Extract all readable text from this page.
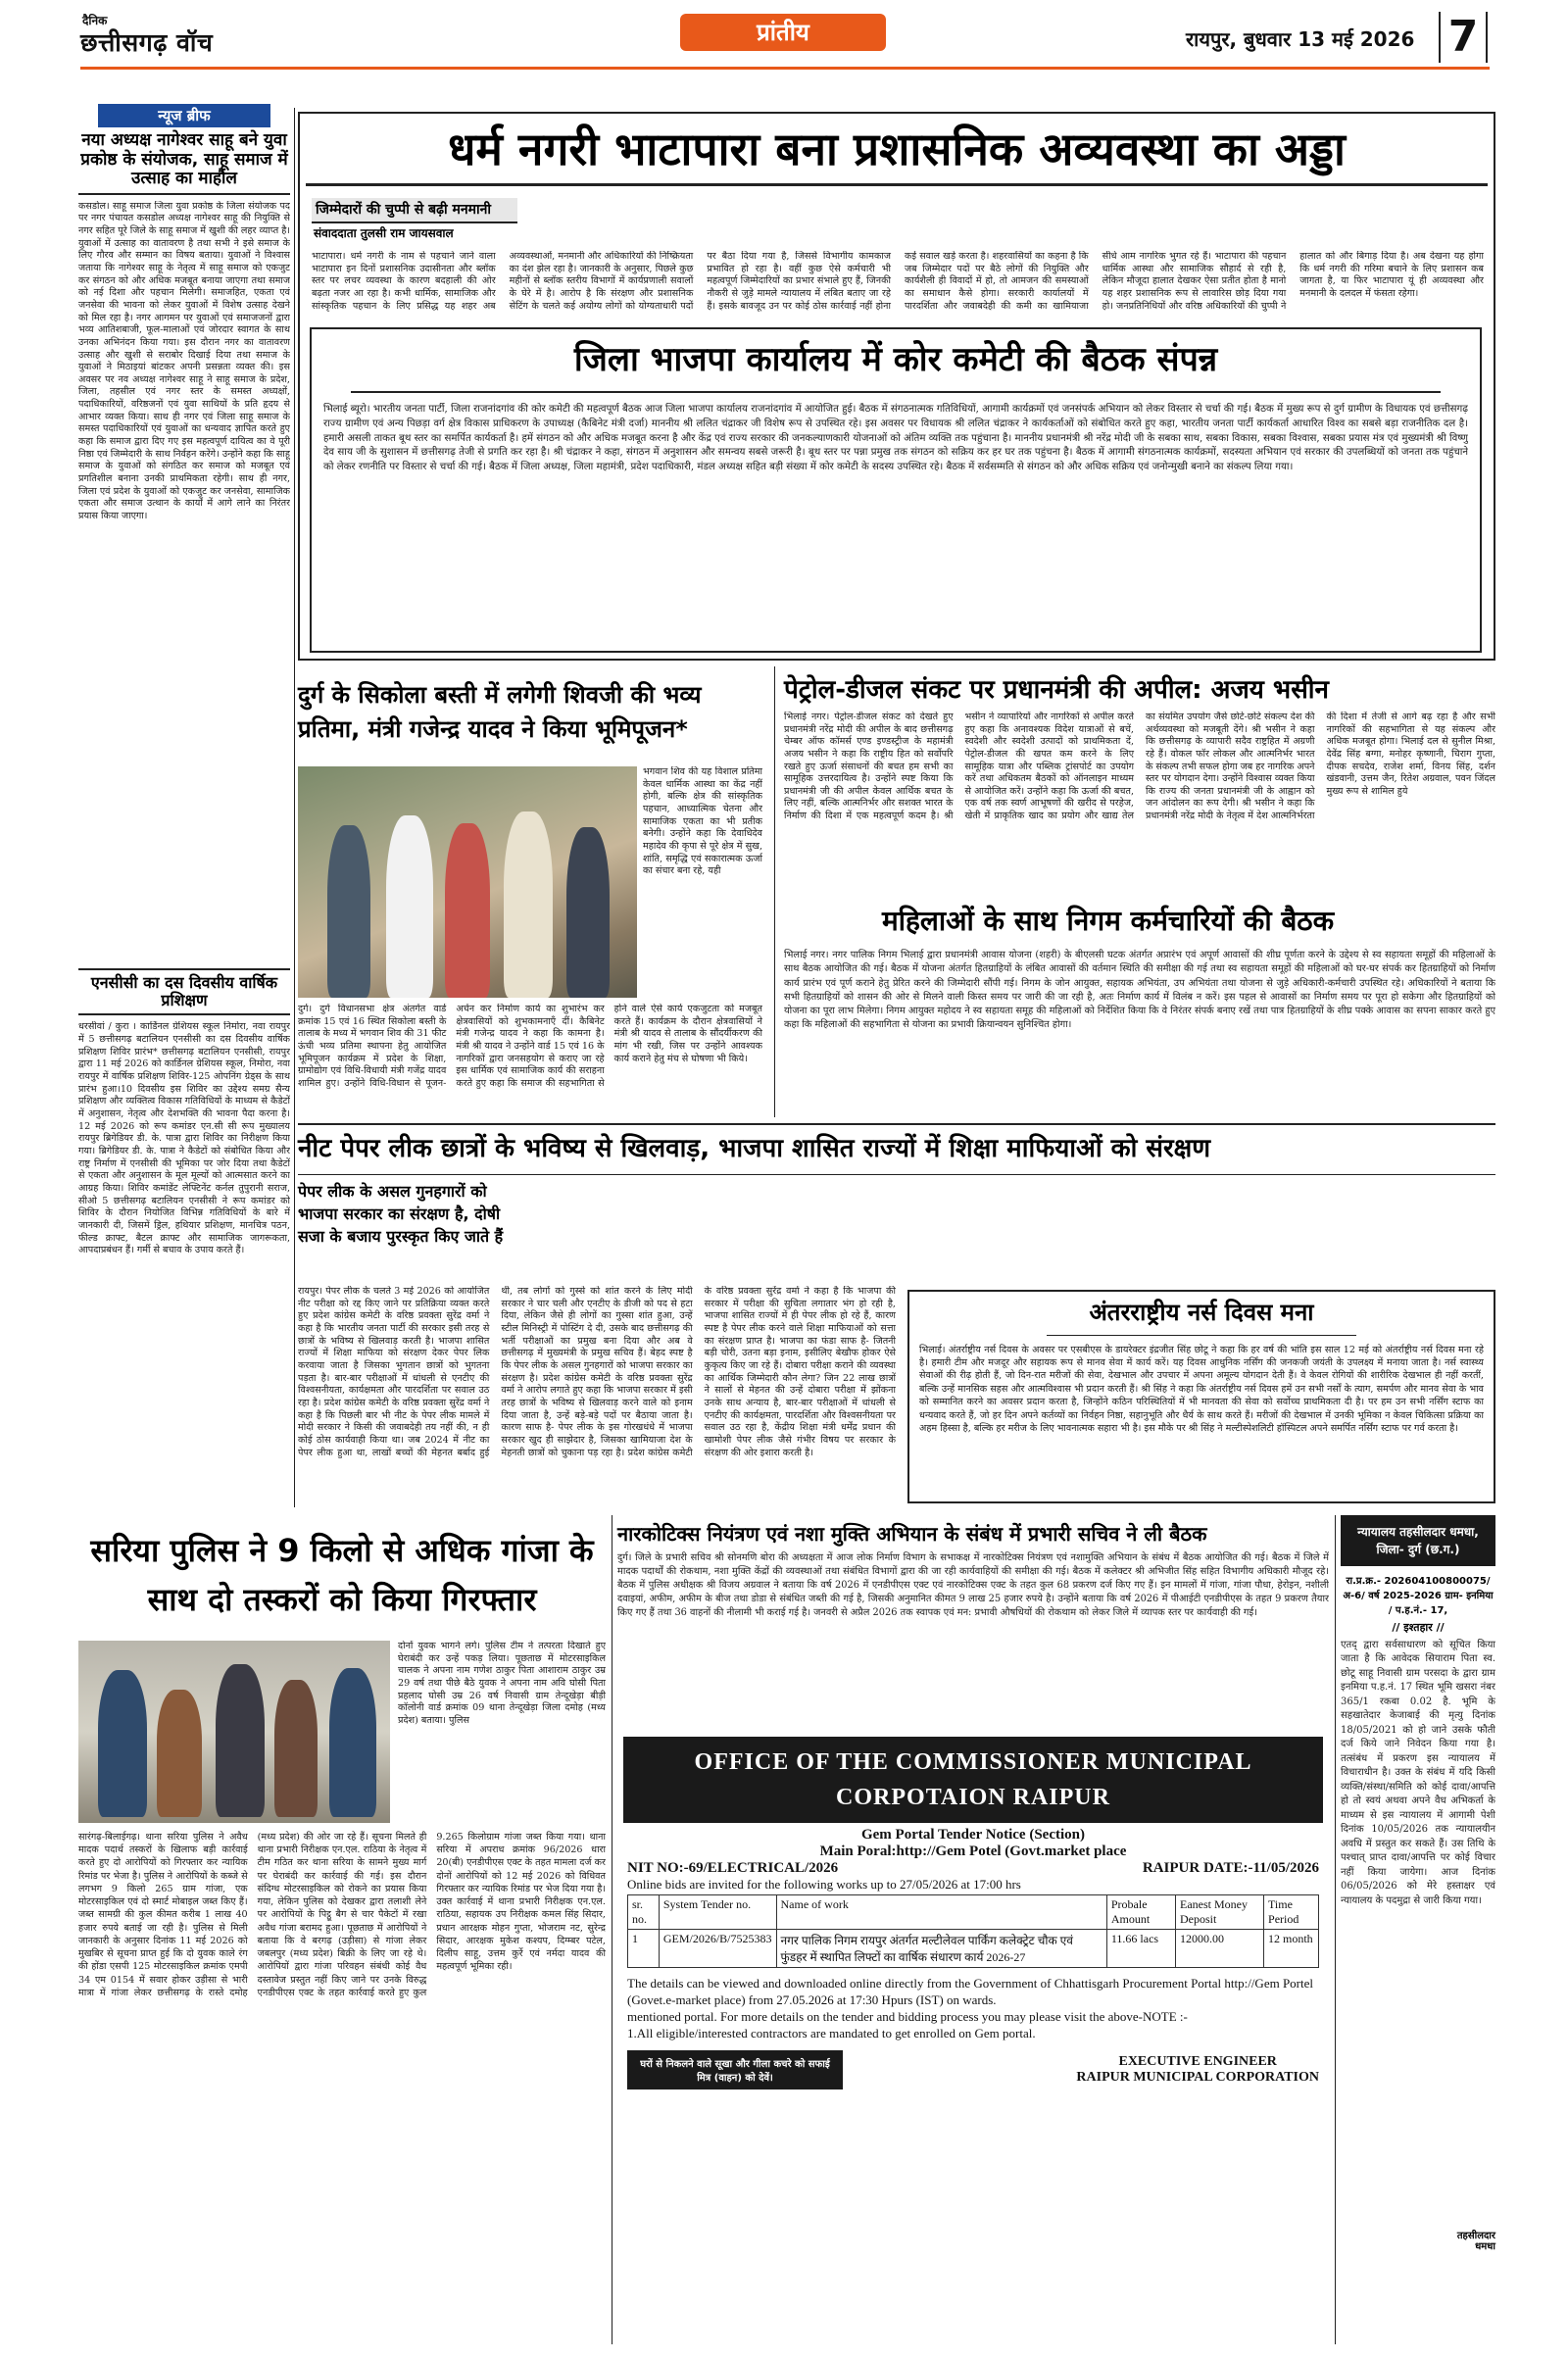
दैनिक
छत्तीसगढ़ वॉच	प्रांतीय	रायपुर, बुधवार 13 मई 2026 7
न्यूज ब्रीफ
नया अध्यक्ष नागेश्वर साहू बने युवा प्रकोष्ठ के संयोजक, साहू समाज में उत्साह का माहौल
कसडोल। साहू समाज जिला युवा प्रकोष्ठ के जिला संयोजक पद पर नगर पंचायत कसडोल अध्यक्ष नागेश्वर साहू की नियुक्ति से नगर सहित पूरे जिले के साहू समाज में खुशी की लहर व्याप्त है। युवाओं में उत्साह का वातावरण है तथा सभी ने इसे समाज के लिए गौरव और सम्मान का विषय बताया। युवाओं ने विश्वास जताया कि नागेश्वर साहू के नेतृत्व में साहू समाज को एकजुट कर संगठन को और अधिक मजबूत बनाया जाएगा तथा समाज को नई दिशा और पहचान मिलेगी। समाजहित, एकता एवं जनसेवा की भावना को लेकर युवाओं में विशेष उत्साह देखने को मिल रहा है। नगर आगमन पर युवाओं एवं समाजजनों द्वारा भव्य आतिशबाजी, फूल-मालाओं एवं जोरदार स्वागत के साथ उनका अभिनंदन किया गया। इस दौरान नगर का वातावरण उत्साह और खुशी से सराबोर दिखाई दिया तथा समाज के युवाओं ने मिठाइयां बांटकर अपनी प्रसन्नता व्यक्त की। इस अवसर पर नव अध्यक्ष नागेश्वर साहू ने साहू समाज के प्रदेश, जिला, तहसील एवं नगर स्तर के समस्त अध्यक्षों, पदाधिकारियों, वरिष्ठजनों एवं युवा साथियों के प्रति हृदय से आभार व्यक्त किया। साथ ही नगर एवं जिला साहू समाज के समस्त पदाधिकारियों एवं युवाओं का धन्यवाद ज्ञापित करते हुए कहा कि समाज द्वारा दिए गए इस महत्वपूर्ण दायित्व का वे पूरी निष्ठा एवं जिम्मेदारी के साथ निर्वहन करेंगे। उन्होंने कहा कि साहू समाज के युवाओं को संगठित कर समाज को मजबूत एवं प्रगतिशील बनाना उनकी प्राथमिकता रहेगी। साथ ही नगर, जिला एवं प्रदेश के युवाओं को एकजुट कर जनसेवा, सामाजिक एकता और समाज उत्थान के कार्यों में आगे लाने का निरंतर प्रयास किया जाएगा।
एनसीसी का दस दिवसीय वार्षिक प्रशिक्षण
धरसीवां / कुरा । कार्डिनल ग्रेशियस स्कूल निमोरा, नवा रायपुर में 5 छत्तीसगढ़ बटालियन एनसीसी का दस दिवसीय वार्षिक प्रशिक्षण शिविर प्रारंभ* छत्तीसगढ़ बटालियन एनसीसी, रायपुर द्वारा 11 मई 2026 को कार्डिनल ग्रेशियस स्कूल, निमोरा, नवा रायपुर में वार्षिक प्रशिक्षण शिविर-125 ओपनिंग ग्रेड्स के साथ प्रारंभ हुआ।10 दिवसीय इस शिविर का उद्देश्य समग्र सैन्य प्रशिक्षण और व्यक्तित्व विकास गतिविधियों के माध्यम से कैडेटों में अनुशासन, नेतृत्व और देशभक्ति की भावना पैदा करना है। 12 मई 2026 को रूप कमांडर एन.सी सी रूप मुख्यालय रायपुर ब्रिगेडियर डी. के. पात्रा द्वारा शिविर का निरीक्षण किया गया। ब्रिगेडियर डी. के. पात्रा ने कैडेटों को संबोधित किया और राष्ट्र निर्माण में एनसीसी की भूमिका पर जोर दिया तथा कैडेटों से एकता और अनुशासन के मूल मूल्यों को आत्मसात करने का आग्रह किया। शिविर कमांडेंट लेफ्टिनेंट कर्नल तुपुरानी सराज, सीओ 5 छत्तीसगढ़ बटालियन एनसीसी ने रूप कमांडर को शिविर के दौरान नियोजित विभिन्न गतिविधियों के बारे में जानकारी दी, जिसमें ड्रिल, हथियार प्रशिक्षण, मानचित्र पठन, फील्ड क्राफ्ट, बैटल क्राफ्ट और सामाजिक जागरूकता, आपदाप्रबंधन हैं। गर्मी से बचाव के उपाय करते हैं।
धर्म नगरी भाटापारा बना प्रशासनिक अव्यवस्था का अड्डा
जिम्मेदारों की चुप्पी से बढ़ी मनमानी
संवाददाता तुलसी राम जायसवाल
भाटापारा। धर्म नगरी के नाम से पहचाने जाने वाला भाटापारा इन दिनों प्रशासनिक उदासीनता और ब्लॉक स्तर पर लचर व्यवस्था के कारण बदहाली की ओर बढ़ता नजर आ रहा है। कभी धार्मिक, सामाजिक और सांस्कृतिक पहचान के लिए प्रसिद्ध यह शहर अब अव्यवस्थाओं, मनमानी और अधिकारियों की निष्क्रियता का दंश झेल रहा है। जानकारी के अनुसार, पिछले कुछ महीनों से ब्लॉक स्तरीय विभागों में कार्यप्रणाली सवालों के घेरे में है। आरोप है कि संरक्षण और प्रशासनिक सेटिंग के चलते कई अयोग्य लोगों को योग्यताधारी पदों पर बैठा दिया गया है, जिससे विभागीय कामकाज प्रभावित हो रहा है। वहीं कुछ ऐसे कर्मचारी भी महत्वपूर्ण जिम्मेदारियों का प्रभार संभाले हुए हैं, जिनकी नौकरी से जुड़े मामले न्यायालय में लंबित बताए जा रहे हैं। इसके बावजूद उन पर कोई ठोस कार्रवाई नहीं होना कई सवाल खड़े करता है। शहरवासियों का कहना है कि जब जिम्मेदार पदों पर बैठे लोगों की नियुक्ति और कार्यशैली ही विवादों में हो, तो आमजन की समस्याओं का समाधान कैसे होगा। सरकारी कार्यालयों में पारदर्शिता और जवाबदेही की कमी का खामियाजा सीधे आम नागरिक भुगत रहे हैं। भाटापारा की पहचान धार्मिक आस्था और सामाजिक सौहार्द से रही है, लेकिन मौजूदा हालात देखकर ऐसा प्रतीत होता है मानो यह शहर प्रशासनिक रूप से लावारिस छोड़ दिया गया हो। जनप्रतिनिधियों और वरिष्ठ अधिकारियों की चुप्पी ने हालात को और बिगाड़ दिया है। अब देखना यह होगा कि धर्म नगरी की गरिमा बचाने के लिए प्रशासन कब जागता है, या फिर भाटापारा यूं ही अव्यवस्था और मनमानी के दलदल में फंसता रहेगा।
जिला भाजपा कार्यालय में कोर कमेटी की बैठक संपन्न
भिलाई ब्यूरो। भारतीय जनता पार्टी, जिला राजनांदगांव की कोर कमेटी की महत्वपूर्ण बैठक आज जिला भाजपा कार्यालय राजनांदगांव में आयोजित हुई। बैठक में संगठनात्मक गतिविधियों, आगामी कार्यक्रमों एवं जनसंपर्क अभियान को लेकर विस्तार से चर्चा की गई। बैठक में मुख्य रूप से दुर्ग ग्रामीण के विधायक एवं छत्तीसगढ़ राज्य ग्रामीण एवं अन्य पिछड़ा वर्ग क्षेत्र विकास प्राधिकरण के उपाध्यक्ष (कैबिनेट मंत्री दर्जा) माननीय श्री ललित चंद्राकर जी विशेष रूप से उपस्थित रहे। इस अवसर पर विधायक श्री ललित चंद्राकर ने कार्यकर्ताओं को संबोधित करते हुए कहा, भारतीय जनता पार्टी कार्यकर्ता आधारित विश्व का सबसे बड़ा राजनीतिक दल है। हमारी असली ताकत बूथ स्तर का समर्पित कार्यकर्ता है। हमें संगठन को और अधिक मजबूत करना है और केंद्र एवं राज्य सरकार की जनकल्याणकारी योजनाओं को अंतिम व्यक्ति तक पहुंचाना है। माननीय प्रधानमंत्री श्री नरेंद्र मोदी जी के सबका साथ, सबका विकास, सबका विश्वास, सबका प्रयास मंत्र एवं मुख्यमंत्री श्री विष्णु देव साय जी के सुशासन में छत्तीसगढ़ तेजी से प्रगति कर रहा है। श्री चंद्राकर ने कहा, संगठन में अनुशासन और समन्वय सबसे जरूरी है। बूथ स्तर पर पन्ना प्रमुख तक संगठन को सक्रिय कर हर घर तक पहुंचना है। बैठक में आगामी संगठनात्मक कार्यक्रमों, सदस्यता अभियान एवं सरकार की उपलब्धियों को जनता तक पहुंचाने को लेकर रणनीति पर विस्तार से चर्चा की गई। बैठक में जिला अध्यक्ष, जिला महामंत्री, प्रदेश पदाधिकारी, मंडल अध्यक्ष सहित बड़ी संख्या में कोर कमेटी के सदस्य उपस्थित रहे। बैठक में सर्वसम्मति से संगठन को और अधिक सक्रिय एवं जनोन्मुखी बनाने का संकल्प लिया गया।
दुर्ग के सिकोला बस्ती में लगेगी शिवजी की भव्य प्रतिमा, मंत्री गजेन्द्र यादव ने किया भूमिपूजन*
भगवान शिव की यह विशाल प्रतिमा केवल धार्मिक आस्था का केंद्र नहीं होगी, बल्कि क्षेत्र की सांस्कृतिक पहचान, आध्यात्मिक चेतना और सामाजिक एकता का भी प्रतीक बनेगी। उन्होंने कहा कि देवाधिदेव महादेव की कृपा से पूरे क्षेत्र में सुख, शांति, समृद्धि एवं सकारात्मक ऊर्जा का संचार बना रहे, यही
दुर्ग। दुर्ग विधानसभा क्षेत्र अंतर्गत वार्ड क्रमांक 15 एवं 16 स्थित सिकोला बस्ती के तालाब के मध्य में भगवान शिव की 31 फीट ऊंची भव्य प्रतिमा स्थापना हेतु आयोजित भूमिपूजन कार्यक्रम में प्रदेश के शिक्षा, ग्रामोद्योग एवं विधि-विधायी मंत्री गजेंद्र यादव शामिल हुए। उन्होंने विधि-विधान से पूजन-अर्चन कर निर्माण कार्य का शुभारंभ कर क्षेत्रवासियों को शुभकामनाएँ दीं। कैबिनेट मंत्री गजेन्द्र यादव ने कहा कि कामना है। मंत्री श्री यादव ने उन्होंने वार्ड 15 एवं 16 के नागरिकों द्वारा जनसहयोग से कराए जा रहे इस धार्मिक एवं सामाजिक कार्य की सराहना करते हुए कहा कि समाज की सहभागिता से होने वाले ऐसे कार्य एकजुटता को मजबूत करते हैं। कार्यक्रम के दौरान क्षेत्रवासियों ने मंत्री श्री यादव से तालाब के सौंदर्यीकरण की मांग भी रखी, जिस पर उन्होंने आवश्यक कार्य कराने हेतु मंच से घोषणा भी किये।
पेट्रोल-डीजल संकट पर प्रधानमंत्री की अपील: अजय भसीन
भिलाई नगर। पेट्रोल-डीजल संकट को देखते हुए प्रधानमंत्री नरेंद्र मोदी की अपील के बाद छत्तीसगढ़ चेम्बर ऑफ कॉमर्स एण्ड इण्डस्ट्रीज के महामंत्री अजय भसीन ने कहा कि राष्ट्रीय हित को सर्वोपरि रखते हुए ऊर्जा संसाधनों की बचत हम सभी का सामूहिक उत्तरदायित्व है। उन्होंने स्पष्ट किया कि प्रधानमंत्री जी की अपील केवल आर्थिक बचत के लिए नहीं, बल्कि आत्मनिर्भर और सशक्त भारत के निर्माण की दिशा में एक महत्वपूर्ण कदम है। श्री भसीन ने व्यापारियों और नागरिकों से अपील करते हुए कहा कि अनावश्यक विदेश यात्राओं से बचें, स्वदेशी और स्वदेशी उत्पादों को प्राथमिकता दें, पेट्रोल-डीजल की खपत कम करने के लिए सामूहिक यात्रा और पब्लिक ट्रांसपोर्ट का उपयोग करें तथा अधिकतम बैठकों को ऑनलाइन माध्यम से आयोजित करें। उन्होंने कहा कि ऊर्जा की बचत, एक वर्ष तक स्वर्ण आभूषणों की खरीद से परहेज, खेती में प्राकृतिक खाद का प्रयोग और खाद्य तेल का संयमित उपयोग जैसे छोटे-छोटे संकल्प देश की अर्थव्यवस्था को मजबूती देंगे। श्री भसीन ने कहा कि छत्तीसगढ़ के व्यापारी सदैव राष्ट्रहित में अग्रणी रहे हैं। वोकल फॉर लोकल और आत्मनिर्भर भारत के संकल्प तभी सफल होगा जब हर नागरिक अपने स्तर पर योगदान देगा। उन्होंने विश्वास व्यक्त किया कि राज्य की जनता प्रधानमंत्री जी के आह्वान को जन आंदोलन का रूप देगी। श्री भसीन ने कहा कि प्रधानमंत्री नरेंद्र मोदी के नेतृत्व में देश आत्मनिर्भरता की दिशा में तेजी से आगे बढ़ रहा है और सभी नागरिकों की सहभागिता से यह संकल्प और अधिक मजबूत होगा। भिलाई दल से सुनील मिश्रा, देवेंद्र सिंह बग्गा, मनोहर कृष्णानी, चिराग गुप्ता, दीपक सचदेव, राजेश शर्मा, विनय सिंह, दर्शन खंडवानी, उत्तम जैन, रितेश अग्रवाल, पवन जिंदल मुख्य रूप से शामिल हुये
महिलाओं के साथ निगम कर्मचारियों की बैठक
भिलाई नगर। नगर पालिक निगम भिलाई द्वारा प्रधानमंत्री आवास योजना (शहरी) के बीएलसी घटक अंतर्गत अप्रारंभ एवं अपूर्ण आवासों की शीघ्र पूर्णता करने के उद्देश्य से स्व सहायता समूहों की महिलाओं के साथ बैठक आयोजित की गई। बैठक में योजना अंतर्गत हितग्राहियों के लंबित आवासों की वर्तमान स्थिति की समीक्षा की गई तथा स्व सहायता समूहों की महिलाओं को घर-घर संपर्क कर हितग्राहियों को निर्माण कार्य प्रारंभ एवं पूर्ण कराने हेतु प्रेरित करने की जिम्मेदारी सौंपी गई। निगम के जोन आयुक्त, सहायक अभियंता, उप अभियंता तथा योजना से जुड़े अधिकारी-कर्मचारी उपस्थित रहे। अधिकारियों ने बताया कि सभी हितग्राहियों को शासन की ओर से मिलने वाली किस्त समय पर जारी की जा रही है, अतः निर्माण कार्य में विलंब न करें। इस पहल से आवासों का निर्माण समय पर पूरा हो सकेगा और हितग्राहियों को योजना का पूरा लाभ मिलेगा। निगम आयुक्त महोदय ने स्व सहायता समूह की महिलाओं को निर्देशित किया कि वे निरंतर संपर्क बनाए रखें तथा पात्र हितग्राहियों के शीघ्र पक्के आवास का सपना साकार करते हुए कहा कि महिलाओं की सहभागिता से योजना का प्रभावी क्रियान्वयन सुनिश्चित होगा।
नीट पेपर लीक छात्रों के भविष्य से खिलवाड़, भाजपा शासित राज्यों में शिक्षा माफियाओं को संरक्षण
पेपर लीक के असल गुनहगारों को भाजपा सरकार का संरक्षण है, दोषी सजा के बजाय पुरस्कृत किए जाते हैं
रायपुर। पेपर लीक के चलते 3 मई 2026 को आयोजित नीट परीक्षा को रद्द किए जाने पर प्रतिक्रिया व्यक्त करते हुए प्रदेश कांग्रेस कमेटी के वरिष्ठ प्रवक्ता सुरेंद्र वर्मा ने कहा है कि भारतीय जनता पार्टी की सरकार इसी तरह से छात्रों के भविष्य से खिलवाड़ करती है। भाजपा शासित राज्यों में शिक्षा माफिया को संरक्षण देकर पेपर लिक करवाया जाता है जिसका भुगतान छात्रों को भुगतना पड़ता है। बार-बार परीक्षाओं में धांधली से एनटीए की विश्वसनीयता, कार्यक्षमता और पारदर्शिता पर सवाल उठ रहा है। प्रदेश कांग्रेस कमेटी के वरिष्ठ प्रवक्ता सुरेंद्र वर्मा ने कहा है कि पिछली बार भी नीट के पेपर लीक मामले में मोदी सरकार ने किसी की जवाबदेही तय नहीं की, न ही कोई ठोस कार्यवाही किया था। जब 2024 में नीट का पेपर लीक हुआ था, लाखों बच्चों की मेहनत बर्बाद हुई थी, तब लोगों को गुस्से को शांत करने के लिए मोदी सरकार ने चार चली और एनटीए के डीजी को पद से हटा दिया, लेकिन जैसे ही लोगों का गुस्सा शांत हुआ, उन्हें स्टील मिनिस्ट्री में पोस्टिंग दे दी, उसके बाद छत्तीसगढ़ की भर्ती परीक्षाओं का प्रमुख बना दिया और अब वे छत्तीसगढ़ में मुख्यमंत्री के प्रमुख सचिव हैं। बेहद स्पष्ट है कि पेपर लीक के असल गुनहगारों को भाजपा सरकार का संरक्षण है। प्रदेश कांग्रेस कमेटी के वरिष्ठ प्रवक्ता सुरेंद्र वर्मा ने आरोप लगाते हुए कहा कि भाजपा सरकार में इसी तरह छात्रों के भविष्य से खिलवाड़ करने वाले को इनाम दिया जाता है, उन्हें बड़े-बड़े पदों पर बैठाया जाता है। कारण साफ है- पेपर लीक के इस गोरखधंधे में भाजपा सरकार खुद ही साझेदार है, जिसका खामियाजा देश के मेहनती छात्रों को चुकाना पड़ रहा है। प्रदेश कांग्रेस कमेटी के वरिष्ठ प्रवक्ता सुरेंद्र वर्मा ने कहा है कि भाजपा की सरकार में परीक्षा की सुचिता लगातार भंग हो रही है, भाजपा शासित राज्यों में ही पेपर लीक हो रहे हैं, कारण स्पष्ट है पेपर लीक करने वाले शिक्षा माफियाओं को सत्ता का संरक्षण प्राप्त है। भाजपा का फंडा साफ है- जितनी बड़ी चोरी, उतना बड़ा इनाम, इसीलिए बेखौफ होकर ऐसे कुकृत्य किए जा रहे हैं। दोबारा परीक्षा कराने की व्यवस्था का आर्थिक जिम्मेदारी कौन लेगा? जिन 22 लाख छात्रों ने सालों से मेहनत की उन्हें दोबारा परीक्षा में झोंकना उनके साथ अन्याय है, बार-बार परीक्षाओं में धांधली से एनटीए की कार्यक्षमता, पारदर्शिता और विश्वसनीयता पर सवाल उठ रहा है, केंद्रीय शिक्षा मंत्री धर्मेंद्र प्रधान की खामोशी पेपर लीक जैसे गंभीर विषय पर सरकार के संरक्षण की ओर इशारा करती है।
अंतरराष्ट्रीय नर्स दिवस मना
भिलाई। अंतर्राष्ट्रीय नर्स दिवस के अवसर पर एसबीएस के डायरेक्टर इंद्रजीत सिंह छोटू ने कहा कि हर वर्ष की भांति इस साल 12 मई को अंतर्राष्ट्रीय नर्स दिवस मना रहे है। हमारी टीम और मजदूर और सहायक रूप से मानव सेवा में कार्य करें। यह दिवस आधुनिक नर्सिंग की जनकजी जयंती के उपलक्ष्य में मनाया जाता है। नर्स स्वास्थ्य सेवाओं की रीढ़ होती हैं, जो दिन-रात मरीजों की सेवा, देखभाल और उपचार में अपना अमूल्य योगदान देती हैं। वे केवल रोगियों की शारीरिक देखभाल ही नहीं करतीं, बल्कि उन्हें मानसिक सहस और आत्मविश्वास भी प्रदान करती हैं। श्री सिंह ने कहा कि अंतर्राष्ट्रीय नर्स दिवस हमें उन सभी नर्सों के त्याग, समर्पण और मानव सेवा के भाव को सम्मानित करने का अवसर प्रदान करता है, जिन्होंने कठिन परिस्थितियों में भी मानवता की सेवा को सर्वोच्च प्राथमिकता दी है। पर हम उन सभी नर्सिंग स्टाफ का धन्यवाद करते हैं, जो हर दिन अपने कर्तव्यों का निर्वहन निष्ठा, सहानुभूति और धैर्य के साथ करते हैं। मरीजों की देखभाल में उनकी भूमिका न केवल चिकित्सा प्रक्रिया का अहम हिस्सा है, बल्कि हर मरीज के लिए भावनात्मक सहारा भी है। इस मौके पर श्री सिंह ने मल्टीस्पेशलिटी हॉस्पिटल अपने समर्पित नर्सिंग स्टाफ पर गर्व करता है।
सरिया पुलिस ने 9 किलो से अधिक गांजा के साथ दो तस्करों को किया गिरफ्तार
दोनों युवक भागने लगे। पुलिस टीम ने तत्परता दिखाते हुए घेराबंदी कर उन्हें पकड़ लिया। पूछताछ में मोटरसाइकिल चालक ने अपना नाम गणेश ठाकुर पिता आशाराम ठाकुर उम्र 29 वर्ष तथा पीछे बैठे युवक ने अपना नाम अवि घोसी पिता प्रहलाद घोसी उम्र 26 वर्ष निवासी ग्राम तेन्दूखेड़ा बीड़ी कॉलोनी वार्ड क्रमांक 09 थाना तेन्दूखेड़ा जिला दमोह (मध्य प्रदेश) बताया। पुलिस
सारंगढ़-बिलाईगढ़। थाना सरिया पुलिस ने अवैध मादक पदार्थ तस्करों के खिलाफ बड़ी कार्रवाई करते हुए दो आरोपियों को गिरफ्तार कर न्यायिक रिमांड पर भेजा है। पुलिस ने आरोपियों के कब्जे से लगभग 9 किलो 265 ग्राम गांजा, एक मोटरसाइकिल एवं दो स्मार्ट मोबाइल जब्त किए हैं। जब्त सामग्री की कुल कीमत करीब 1 लाख 40 हजार रुपये बताई जा रही है। पुलिस से मिली जानकारी के अनुसार दिनांक 11 मई 2026 को मुखबिर से सूचना प्राप्त हुई कि दो युवक काले रंग की होंडा एसपी 125 मोटरसाइकिल क्रमांक एमपी 34 एम 0154 में सवार होकर उड़ीसा से भारी मात्रा में गांजा लेकर छत्तीसगढ़ के रास्ते दमोह (मध्य प्रदेश) की ओर जा रहे हैं। सूचना मिलते ही थाना प्रभारी निरीक्षक एन.एल. राठिया के नेतृत्व में टीम गठित कर थाना सरिया के सामने मुख्य मार्ग पर घेराबंदी कर कार्रवाई की गई। इस दौरान संदिग्ध मोटरसाइकिल को रोकने का प्रयास किया गया, लेकिन पुलिस को देखकर द्वारा तलाशी लेने पर आरोपियों के पिट्ठू बैग से चार पैकेटों में रखा अवैध गांजा बरामद हुआ। पूछताछ में आरोपियों ने बताया कि वे बरगढ़ (उड़ीसा) से गांजा लेकर जबलपुर (मध्य प्रदेश) बिक्री के लिए जा रहे थे। आरोपियों द्वारा गांजा परिवहन संबंधी कोई वैध दस्तावेज प्रस्तुत नहीं किए जाने पर उनके विरुद्ध एनडीपीएस एक्ट के तहत कार्रवाई करते हुए कुल 9.265 किलोग्राम गांजा जब्त किया गया। थाना सरिया में अपराध क्रमांक 96/2026 धारा 20(बी) एनडीपीएस एक्ट के तहत मामला दर्ज कर दोनों आरोपियों को 12 मई 2026 को विधिवत गिरफ्तार कर न्यायिक रिमांड पर भेज दिया गया है। उक्त कार्रवाई में थाना प्रभारी निरीक्षक एन.एल. राठिया, सहायक उप निरीक्षक कमल सिंह सिदार, प्रधान आरक्षक मोहन गुप्ता, भोजराम नट, सुरेन्द्र सिदार, आरक्षक मुकेश कश्यप, दिग्म्बर पटेल, दिलीप साहू, उत्तम कुर्रे एवं नर्मदा यादव की महत्वपूर्ण भूमिका रही।
नारकोटिक्स नियंत्रण एवं नशा मुक्ति अभियान के संबंध में प्रभारी सचिव ने ली बैठक
दुर्ग। जिले के प्रभारी सचिव श्री सोनमणि बोरा की अध्यक्षता में आज लोक निर्माण विभाग के सभाकक्ष में नारकोटिक्स नियंत्रण एवं नशामुक्ति अभियान के संबंध में बैठक आयोजित की गई। बैठक में जिले में मादक पदार्थों की रोकथाम, नशा मुक्ति केंद्रों की व्यवस्थाओं तथा संबंधित विभागों द्वारा की जा रही कार्यवाहियों की समीक्षा की गई। बैठक में कलेक्टर श्री अभिजीत सिंह सहित विभागीय अधिकारी मौजूद रहे। बैठक में पुलिस अधीक्षक श्री विजय अग्रवाल ने बताया कि वर्ष 2026 में एनडीपीएस एक्ट एवं नारकोटिक्स एक्ट के तहत कुल 68 प्रकरण दर्ज किए गए हैं। इन मामलों में गांजा, गांजा पौधा, हेरोइन, नशीली दवाइयां, अफीम, अफीम के बीज तथा डोडा से संबंधित जब्ती की गई है, जिसकी अनुमानित कीमत 9 लाख 25 हजार रुपये है। उन्होंने बताया कि वर्ष 2026 में पीआईटी एनडीपीएस के तहत 9 प्रकरण तैयार किए गए हैं तथा 36 वाहनों की नीलामी भी कराई गई है। जनवरी से अप्रैल 2026 तक स्वापक एवं मन: प्रभावी औषधियों की रोकथाम को लेकर जिले में व्यापक स्तर पर कार्यवाही की गई।
OFFICE OF THE COMMISSIONER MUNICIPAL CORPOTAION RAIPUR
Gem Portal Tender Notice (Section)
Main Poral:http://Gem Potel (Govt.market place
NIT NO:-69/ELECTRICAL/2026	RAIPUR DATE:-11/05/2026
Online bids are invited for the following works up to 27/05/2026 at 17:00 hrs
sr. no.	System Tender no.	Name of work	Probale Amount	Eanest Money Deposit	Time Period
1	GEM/2026/B/7525383	नगर पालिक निगम रायपुर अंतर्गत मल्टीलेवल पार्किंग कलेक्ट्रेट चौक एवं फुंडहर में स्थापित लिफ्टों का वार्षिक संधारण कार्य 2026-27	11.66 lacs	12000.00	12 month
The details can be viewed and downloaded online directly from the Government of Chhattisgarh Procurement Portal http://Gem Portel (Govet.e-market place) from 27.05.2026 at 17:30 Hpurs (IST) on wards.
mentioned portal. For more details on the tender and bidding process you may please visit the above-NOTE :-
1.All eligible/interested contractors are mandated to get enrolled on Gem portal.
घरों से निकलने वाले सूखा और गीला कचरे को सफाई मित्र (वाहन) को देवें।
EXECUTIVE ENGINEER
RAIPUR MUNICIPAL CORPORATION
न्यायालय तहसीलदार धमधा, जिला- दुर्ग (छ.ग.)
रा.प्र.क्र.- 202604100800075/अ-6/ वर्ष 2025-2026 ग्राम- इनमिया / प.ह.नं.- 17,
// इश्तहार //
एतद् द्वारा सर्वसाधारण को सूचित किया जाता है कि आवेदक सियाराम पिता स्व. छोटू साहू निवासी ग्राम परसदा के द्वारा ग्राम इनमिया प.ह.नं. 17 स्थित भूमि खसरा नंबर 365/1 रकबा 0.02 है. भूमि के सहखातेदार केजाबाई की मृत्यु दिनांक 18/05/2021 को हो जाने उसके फौती दर्ज किये जाने निवेदन किया गया है। तत्संबंध में प्रकरण इस न्यायालय में विचाराधीन है। उक्त के संबंध में यदि किसी व्यक्ति/संस्था/समिति को कोई दावा/आपत्ति हो तो स्वयं अथवा अपने वैध अभिकर्ता के माध्यम से इस न्यायालय में आगामी पेशी दिनांक 10/05/2026 तक न्यायालयीन अवधि में प्रस्तुत कर सकते हैं। उस तिथि के पश्चात् प्राप्त दावा/आपत्ति पर कोई विचार नहीं किया जायेगा। आज दिनांक 06/05/2026 को मेरे हस्ताक्षर एवं न्यायालय के पदमुद्रा से जारी किया गया।
तहसीलदार
धमधा
